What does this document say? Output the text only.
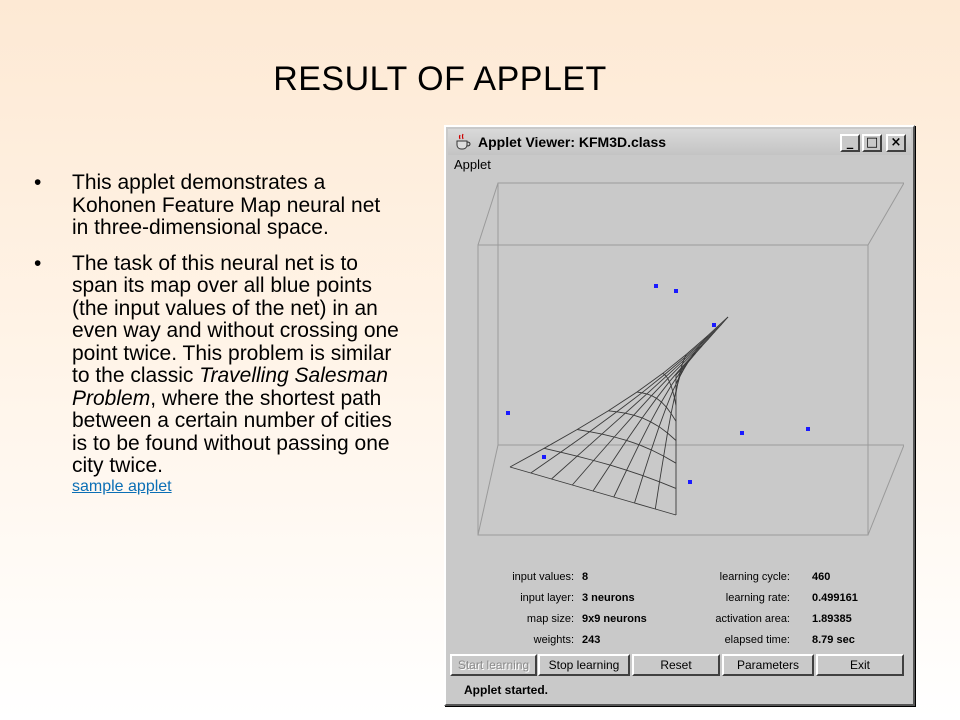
RESULT OF APPLET
• This applet demonstrates a Kohonen Feature Map neural net in three-dimensional space.
• The task of this neural net is to span its map over all blue points (the input values of the net) in an even way and without crossing one point twice. This problem is similar to the classic Travelling Salesman Problem, where the shortest path between a certain number of cities is to be found without passing one city twice.
sample applet
Applet Viewer: KFM3D.class	_ □ ×
Applet
input values: 8
input layer: 3 neurons
map size: 9x9 neurons
weights: 243
learning cycle: 460
learning rate: 0.499161
activation area: 1.89385
elapsed time: 8.79 sec
Start learning	Stop learning	Reset	Parameters	Exit
Applet started.
